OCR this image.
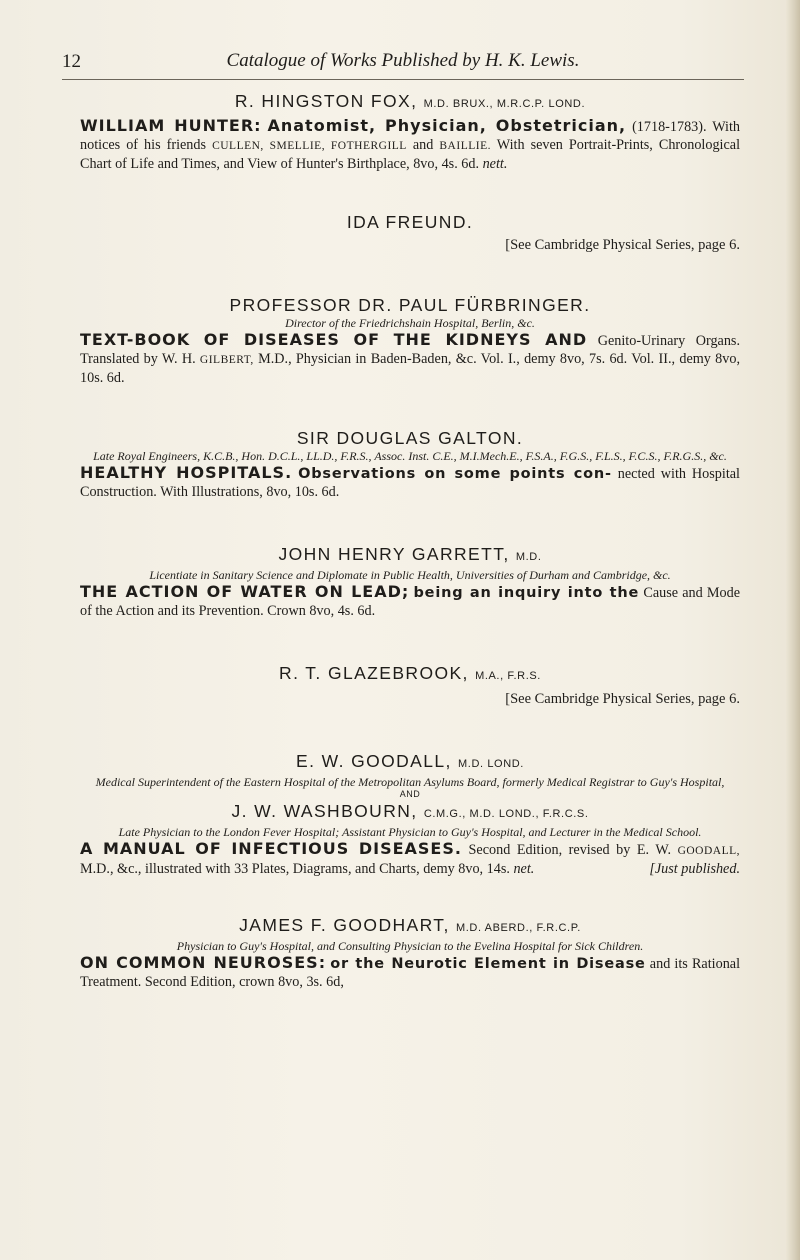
12	Catalogue of Works Published by H. K. Lewis.

R. HINGSTON FOX, M.D. BRUX., M.R.C.P. LOND.

WILLIAM HUNTER: Anatomist, Physician, Obstetrician, (1718-1783). With notices of his friends CULLEN, SMELLIE, FOTHERGILL and BAILLIE. With seven Portrait-Prints, Chronological Chart of Life and Times, and View of Hunter's Birthplace, 8vo, 4s. 6d. nett.

IDA FREUND.

[See Cambridge Physical Series, page 6.

PROFESSOR DR. PAUL FÜRBRINGER.

Director of the Friedrichshain Hospital, Berlin, &c.

TEXT-BOOK OF DISEASES OF THE KIDNEYS AND Genito-Urinary Organs. Translated by W. H. GILBERT, M.D., Physician in Baden-Baden, &c. Vol. I., demy 8vo, 7s. 6d. Vol. II., demy 8vo, 10s. 6d.

SIR DOUGLAS GALTON.

Late Royal Engineers, K.C.B., Hon. D.C.L., LL.D., F.R.S., Assoc. Inst. C.E., M.I.Mech.E., F.S.A., F.G.S., F.L.S., F.C.S., F.R.G.S., &c.

HEALTHY HOSPITALS. Observations on some points con- nected with Hospital Construction. With Illustrations, 8vo, 10s. 6d.

JOHN HENRY GARRETT, M.D.

Licentiate in Sanitary Science and Diplomate in Public Health, Universities of Durham and Cambridge, &c.

THE ACTION OF WATER ON LEAD; being an inquiry into the Cause and Mode of the Action and its Prevention. Crown 8vo, 4s. 6d.

R. T. GLAZEBROOK, M.A., F.R.S.

[See Cambridge Physical Series, page 6.

E. W. GOODALL, M.D. LOND.

Medical Superintendent of the Eastern Hospital of the Metropolitan Asylums Board, formerly Medical Registrar to Guy's Hospital,

AND

J. W. WASHBOURN, C.M.G., M.D. LOND., F.R.C.S.

Late Physician to the London Fever Hospital; Assistant Physician to Guy's Hospital, and Lecturer in the Medical School.

A MANUAL OF INFECTIOUS DISEASES. Second Edition, revised by E. W. GOODALL, M.D., &c., illustrated with 33 Plates, Diagrams, and Charts, demy 8vo, 14s. net.	[Just published.

JAMES F. GOODHART, M.D. ABERD., F.R.C.P.

Physician to Guy's Hospital, and Consulting Physician to the Evelina Hospital for Sick Children.

ON COMMON NEUROSES: or the Neurotic Element in Disease and its Rational Treatment. Second Edition, crown 8vo, 3s. 6d,
